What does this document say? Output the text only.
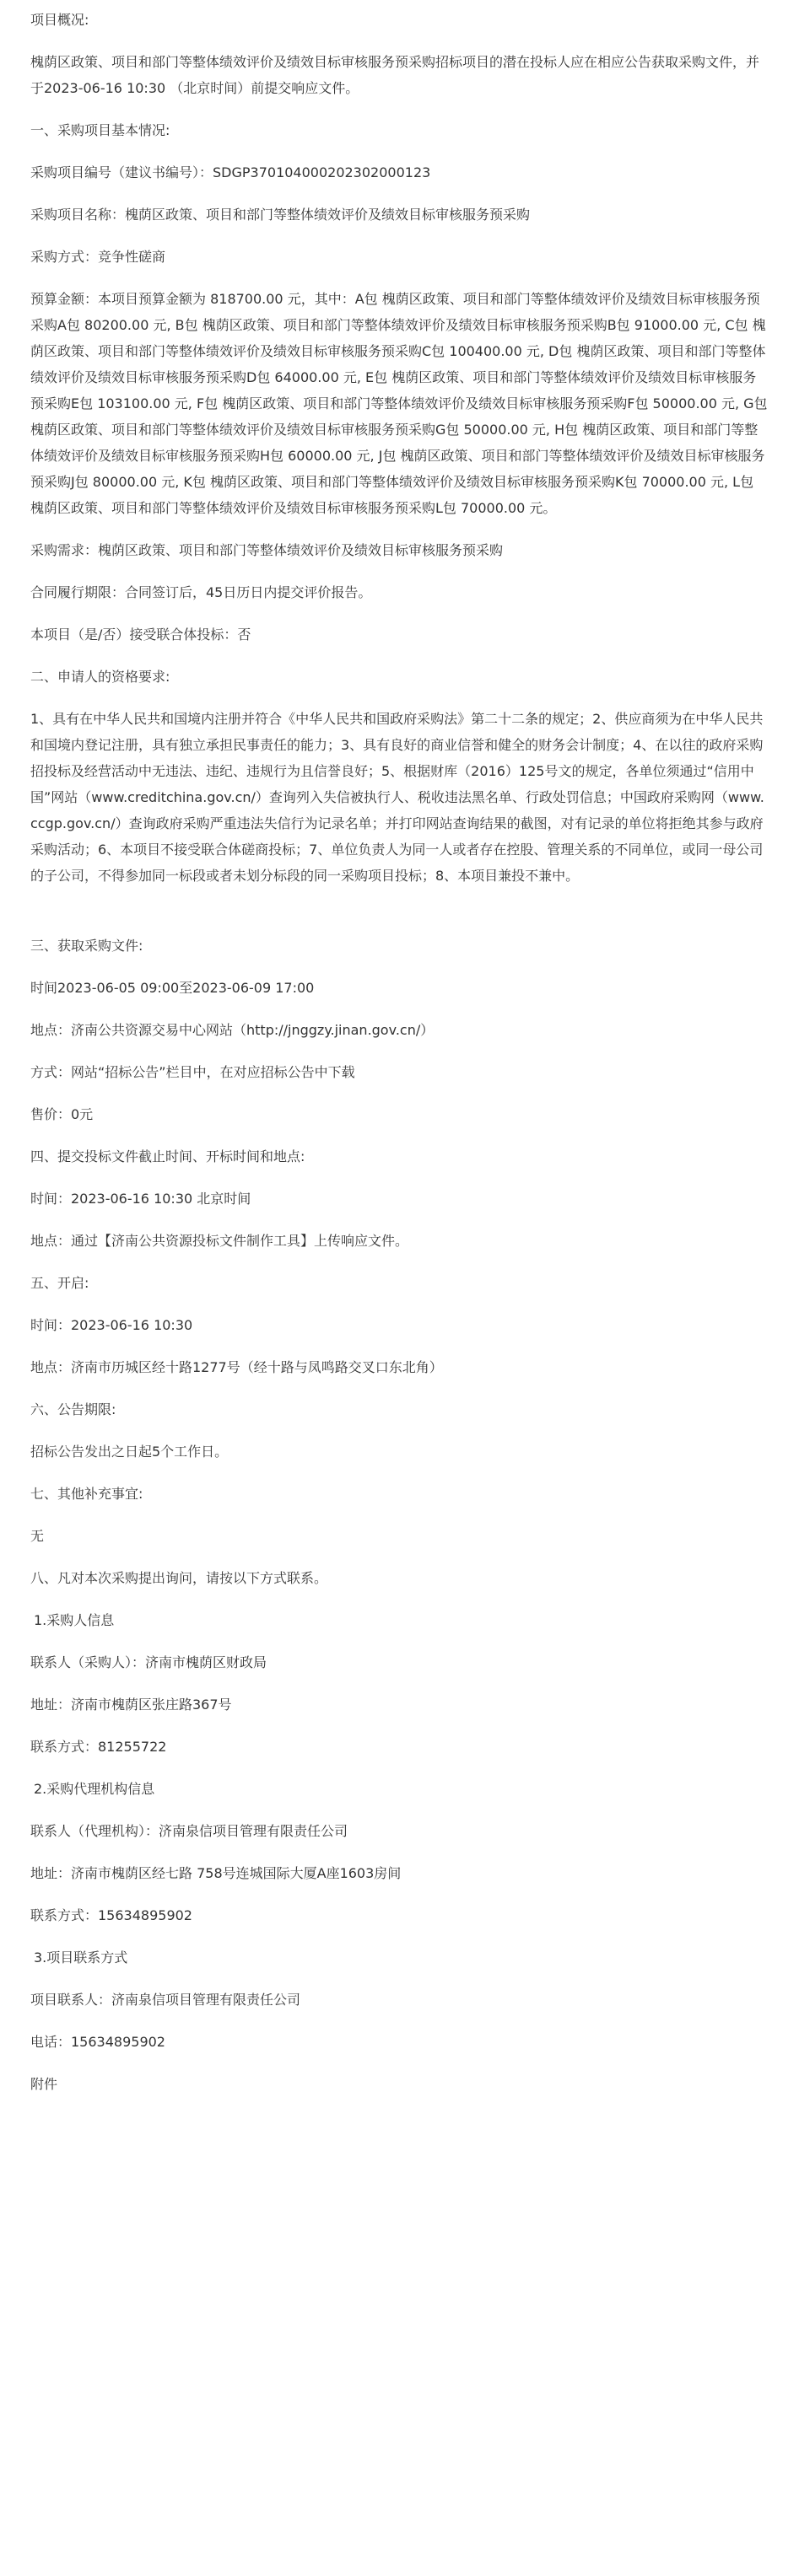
项目概况:

槐荫区政策、项目和部门等整体绩效评价及绩效目标审核服务预采购招标项目的潜在投标人应在相应公告获取采购文件，并于2023-06-16 10:30 （北京时间）前提交响应文件。

一、采购项目基本情况:

采购项目编号（建议书编号）：SDGP370104000202302000123

采购项目名称：槐荫区政策、项目和部门等整体绩效评价及绩效目标审核服务预采购

采购方式：竞争性磋商

预算金额：本项目预算金额为 818700.00 元，其中：A包 槐荫区政策、项目和部门等整体绩效评价及绩效目标审核服务预采购A包 80200.00 元, B包 槐荫区政策、项目和部门等整体绩效评价及绩效目标审核服务预采购B包 91000.00 元, C包 槐荫区政策、项目和部门等整体绩效评价及绩效目标审核服务预采购C包 100400.00 元, D包 槐荫区政策、项目和部门等整体绩效评价及绩效目标审核服务预采购D包 64000.00 元, E包 槐荫区政策、项目和部门等整体绩效评价及绩效目标审核服务预采购E包 103100.00 元, F包 槐荫区政策、项目和部门等整体绩效评价及绩效目标审核服务预采购F包 50000.00 元, G包 槐荫区政策、项目和部门等整体绩效评价及绩效目标审核服务预采购G包 50000.00 元, H包 槐荫区政策、项目和部门等整体绩效评价及绩效目标审核服务预采购H包 60000.00 元, J包 槐荫区政策、项目和部门等整体绩效评价及绩效目标审核服务预采购J包 80000.00 元, K包 槐荫区政策、项目和部门等整体绩效评价及绩效目标审核服务预采购K包 70000.00 元, L包 槐荫区政策、项目和部门等整体绩效评价及绩效目标审核服务预采购L包 70000.00 元。

采购需求：槐荫区政策、项目和部门等整体绩效评价及绩效目标审核服务预采购

合同履行期限：合同签订后，45日历日内提交评价报告。

本项目（是/否）接受联合体投标：否

二、申请人的资格要求:

1、具有在中华人民共和国境内注册并符合《中华人民共和国政府采购法》第二十二条的规定；2、供应商须为在中华人民共和国境内登记注册，具有独立承担民事责任的能力；3、具有良好的商业信誉和健全的财务会计制度；4、在以往的政府采购招投标及经营活动中无违法、违纪、违规行为且信誉良好；5、根据财库（2016）125号文的规定，各单位须通过“信用中国”网站（www.creditchina.gov.cn/）查询列入失信被执行人、税收违法黑名单、行政处罚信息；中国政府采购网（www.ccgp.gov.cn/）查询政府采购严重违法失信行为记录名单；并打印网站查询结果的截图，对有记录的单位将拒绝其参与政府采购活动；6、本项目不接受联合体磋商投标；7、单位负责人为同一人或者存在控股、管理关系的不同单位，或同一母公司的子公司，不得参加同一标段或者未划分标段的同一采购项目投标；8、本项目兼投不兼中。

三、获取采购文件:

时间2023-06-05 09:00至2023-06-09 17:00

地点：济南公共资源交易中心网站（http://jnggzy.jinan.gov.cn/）

方式：网站“招标公告”栏目中，在对应招标公告中下载

售价：0元

四、提交投标文件截止时间、开标时间和地点:

时间：2023-06-16 10:30 北京时间

地点：通过【济南公共资源投标文件制作工具】上传响应文件。

五、开启:

时间：2023-06-16 10:30

地点：济南市历城区经十路1277号（经十路与凤鸣路交叉口东北角）

六、公告期限:

招标公告发出之日起5个工作日。

七、其他补充事宜:

无

八、凡对本次采购提出询问，请按以下方式联系。

1.采购人信息

联系人（采购人）：济南市槐荫区财政局

地址：济南市槐荫区张庄路367号

联系方式：81255722

2.采购代理机构信息

联系人（代理机构）：济南泉信项目管理有限责任公司

地址：济南市槐荫区经七路 758号连城国际大厦A座1603房间

联系方式：15634895902

3.项目联系方式

项目联系人：济南泉信项目管理有限责任公司

电话：15634895902

附件
